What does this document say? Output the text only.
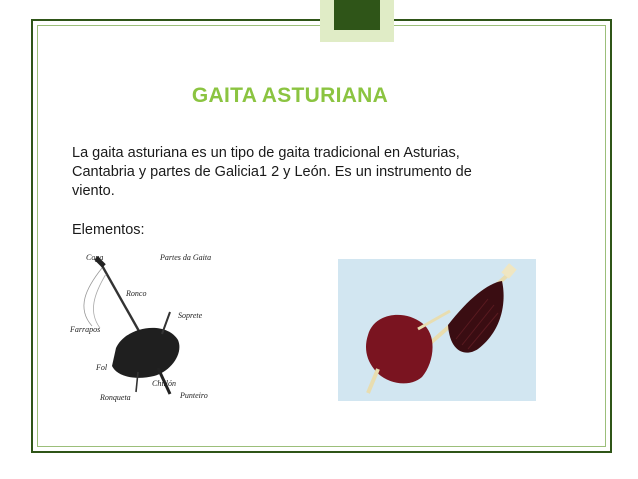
GAITA ASTURIANA
La gaita asturiana es un tipo de gaita tradicional en Asturias, Cantabria y partes de Galicia1 2 y León. Es un instrumento de viento.
Elementos:
Copa	Partes da Gaita
Ronco
Soprete
Farrapos
Fol
Chillón
Ronqueta	Punteiro
